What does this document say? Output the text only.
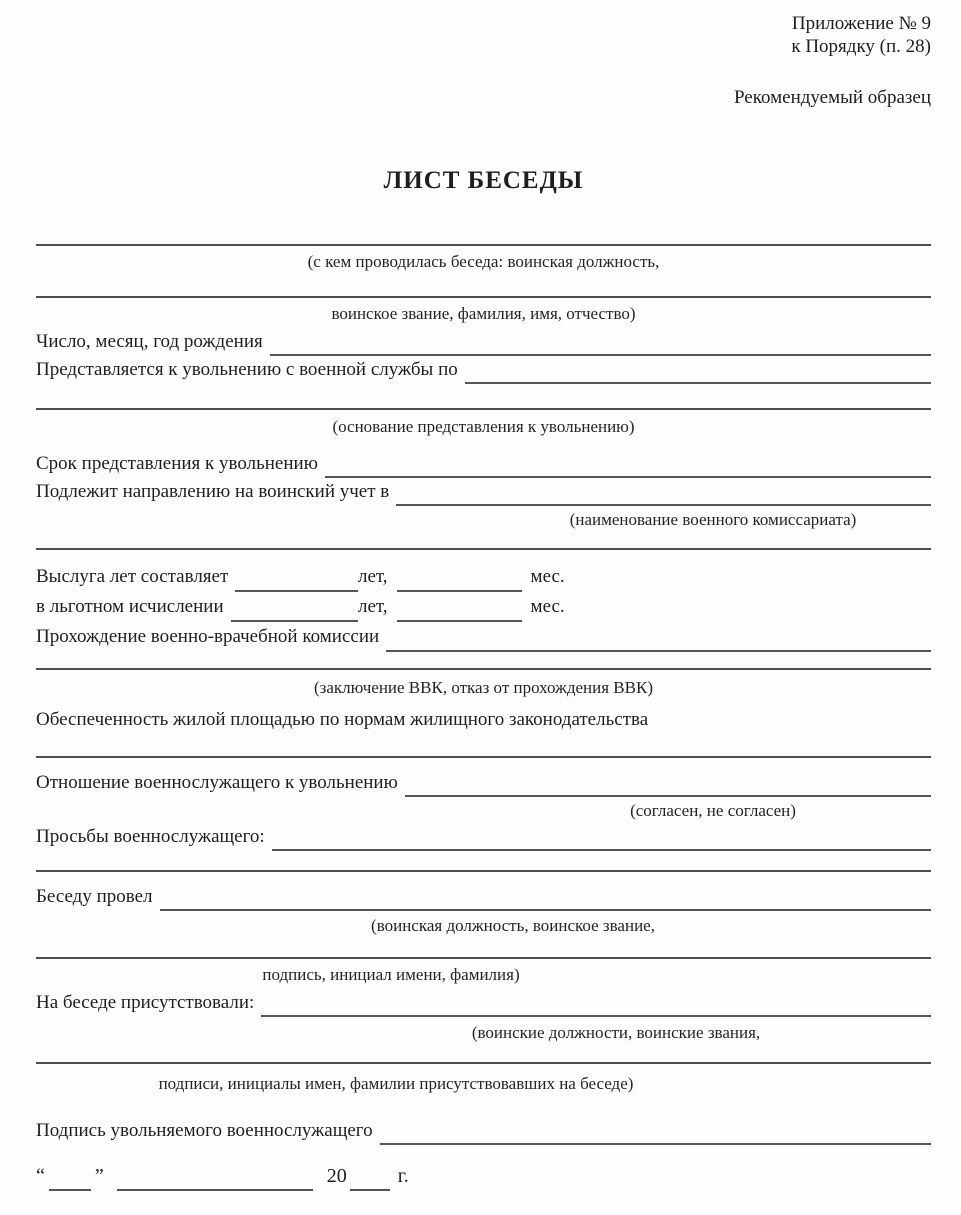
Приложение № 9
к Порядку (п. 28)
Рекомендуемый образец
ЛИСТ БЕСЕДЫ
(с кем проводилась беседа: воинская должность,
воинское звание, фамилия, имя, отчество)
Число, месяц, год рождения
Представляется к увольнению с военной службы по
(основание представления к увольнению)
Срок представления к увольнению
Подлежит направлению на воинский учет в
(наименование военного комиссариата)
Выслуга лет составляет	лет,	мес.
в льготном исчислении	лет,	мес.
Прохождение военно-врачебной комиссии
(заключение ВВК, отказ от прохождения ВВК)
Обеспеченность жилой площадью по нормам жилищного законодательства
Отношение военнослужащего к увольнению
(согласен, не согласен)
Просьбы военнослужащего:
Беседу провел
(воинская должность, воинское звание,
подпись, инициал имени, фамилия)
На беседе присутствовали:
(воинские должности, воинские звания,
подписи, инициалы имен, фамилии присутствовавших на беседе)
Подпись увольняемого военнослужащего
“	”	20	г.
